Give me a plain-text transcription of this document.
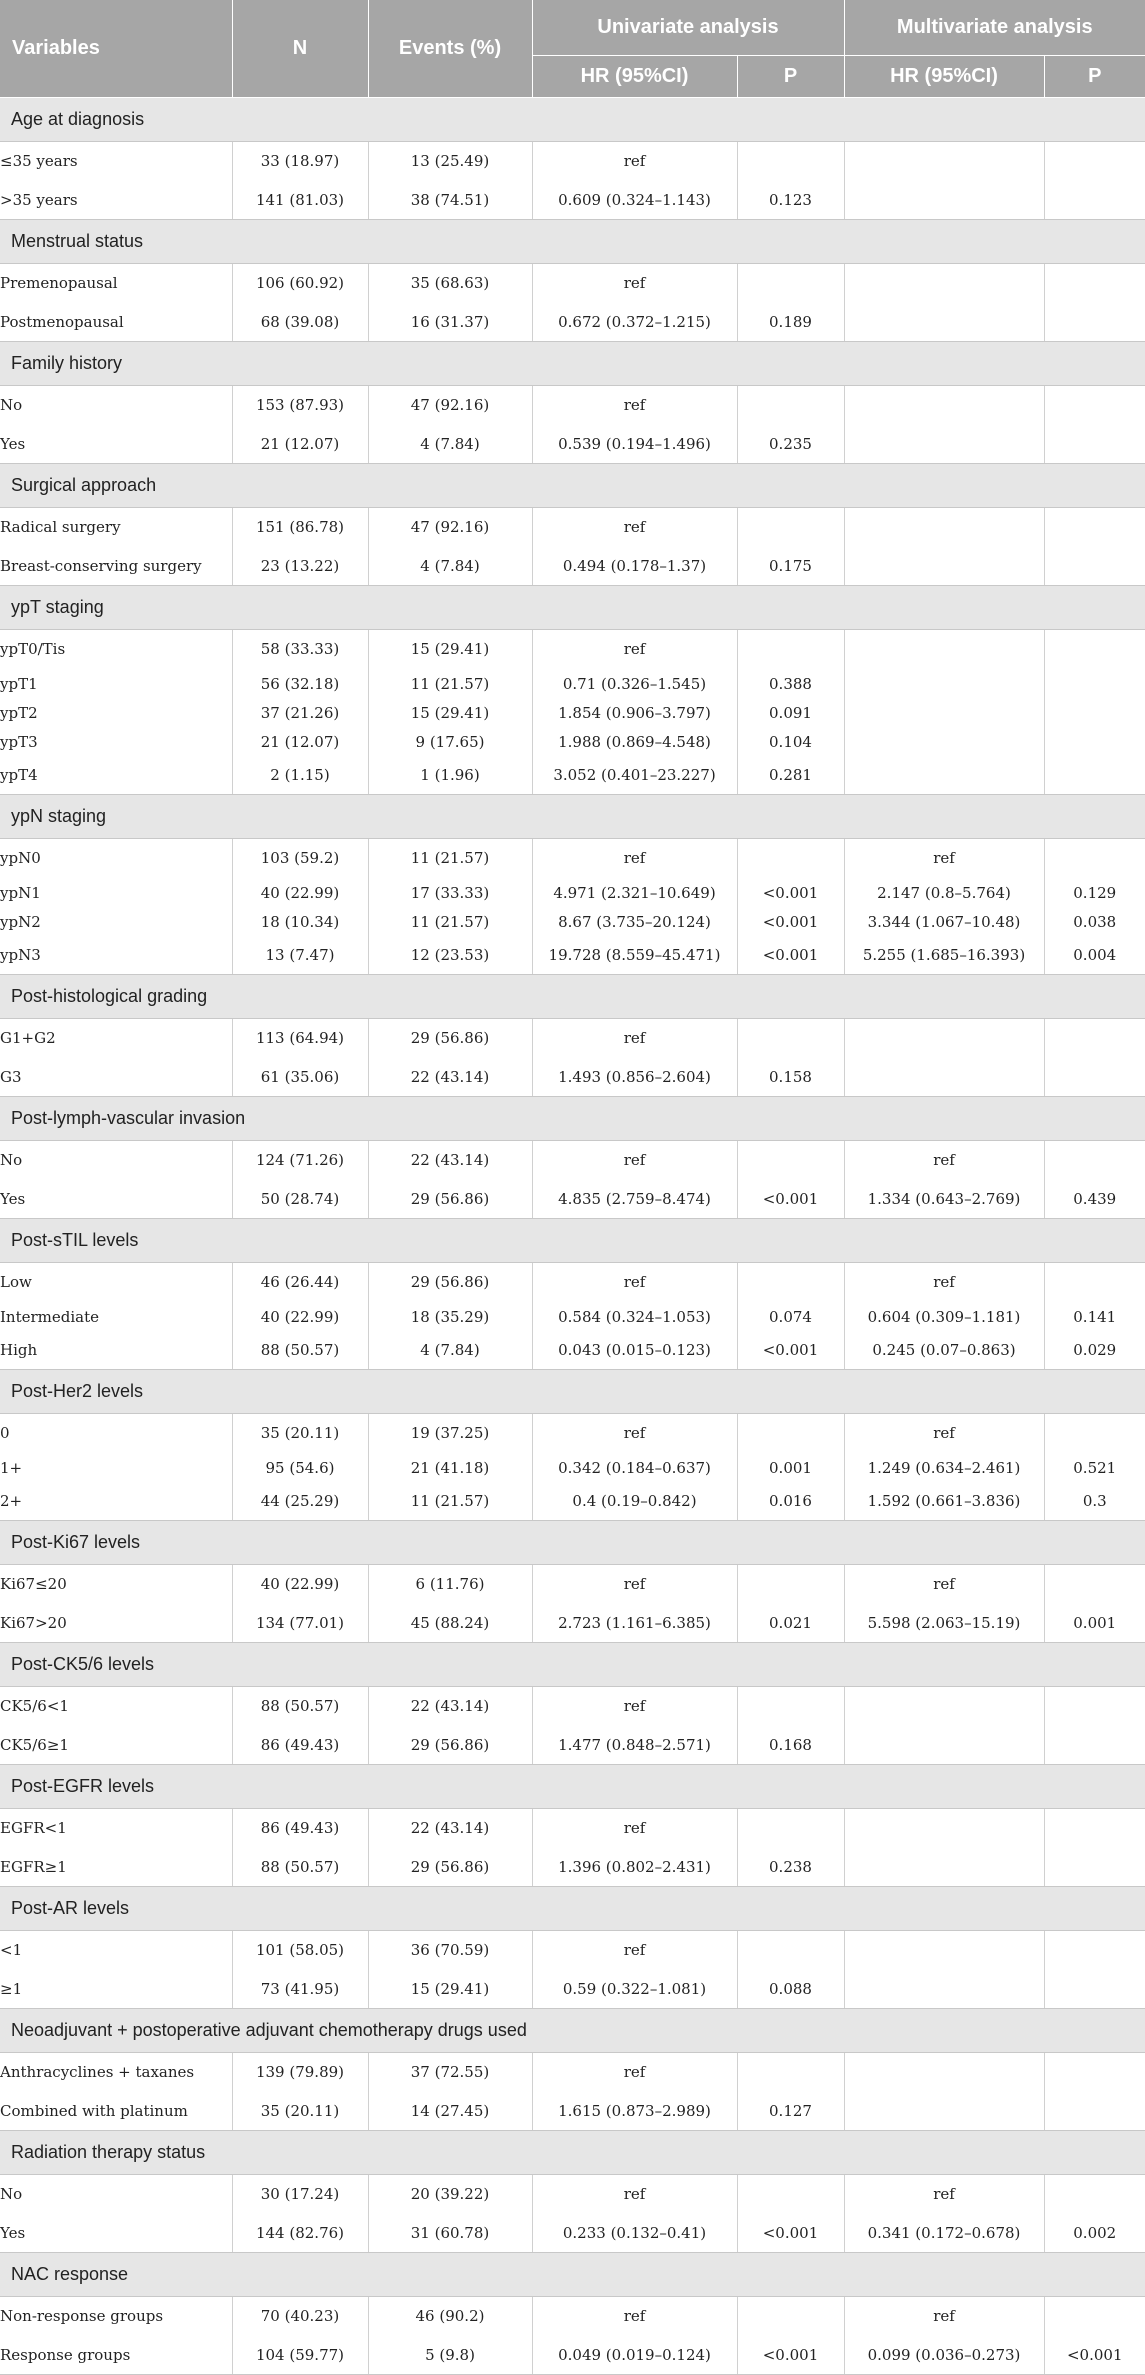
Variables	N	Events (%)	Univariate analysis		Multivariate analysis	
			HR (95%CI)	P	HR (95%CI)	P
Age at diagnosis						
≤35 years	33 (18.97)	13 (25.49)	ref			
>35 years	141 (81.03)	38 (74.51)	0.609 (0.324–1.143)	0.123		
Menstrual status						
Premenopausal	106 (60.92)	35 (68.63)	ref			
Postmenopausal	68 (39.08)	16 (31.37)	0.672 (0.372–1.215)	0.189		
Family history						
No	153 (87.93)	47 (92.16)	ref			
Yes	21 (12.07)	4 (7.84)	0.539 (0.194–1.496)	0.235		
Surgical approach						
Radical surgery	151 (86.78)	47 (92.16)	ref			
Breast-conserving surgery	23 (13.22)	4 (7.84)	0.494 (0.178–1.37)	0.175		
ypT staging						
ypT0/Tis	58 (33.33)	15 (29.41)	ref			
ypT1	56 (32.18)	11 (21.57)	0.71 (0.326–1.545)	0.388		
ypT2	37 (21.26)	15 (29.41)	1.854 (0.906–3.797)	0.091		
ypT3	21 (12.07)	9 (17.65)	1.988 (0.869–4.548)	0.104		
ypT4	2 (1.15)	1 (1.96)	3.052 (0.401–23.227)	0.281		
ypN staging						
ypN0	103 (59.2)	11 (21.57)	ref		ref	
ypN1	40 (22.99)	17 (33.33)	4.971 (2.321–10.649)	<0.001	2.147 (0.8–5.764)	0.129
ypN2	18 (10.34)	11 (21.57)	8.67 (3.735–20.124)	<0.001	3.344 (1.067–10.48)	0.038
ypN3	13 (7.47)	12 (23.53)	19.728 (8.559–45.471)	<0.001	5.255 (1.685–16.393)	0.004
Post-histological grading						
G1+G2	113 (64.94)	29 (56.86)	ref			
G3	61 (35.06)	22 (43.14)	1.493 (0.856–2.604)	0.158		
Post-lymph-vascular invasion						
No	124 (71.26)	22 (43.14)	ref		ref	
Yes	50 (28.74)	29 (56.86)	4.835 (2.759–8.474)	<0.001	1.334 (0.643–2.769)	0.439
Post-sTIL levels						
Low	46 (26.44)	29 (56.86)	ref		ref	
Intermediate	40 (22.99)	18 (35.29)	0.584 (0.324–1.053)	0.074	0.604 (0.309–1.181)	0.141
High	88 (50.57)	4 (7.84)	0.043 (0.015–0.123)	<0.001	0.245 (0.07–0.863)	0.029
Post-Her2 levels						
0	35 (20.11)	19 (37.25)	ref		ref	
1+	95 (54.6)	21 (41.18)	0.342 (0.184–0.637)	0.001	1.249 (0.634–2.461)	0.521
2+	44 (25.29)	11 (21.57)	0.4 (0.19–0.842)	0.016	1.592 (0.661–3.836)	0.3
Post-Ki67 levels						
Ki67≤20	40 (22.99)	6 (11.76)	ref		ref	
Ki67>20	134 (77.01)	45 (88.24)	2.723 (1.161–6.385)	0.021	5.598 (2.063–15.19)	0.001
Post-CK5/6 levels						
CK5/6<1	88 (50.57)	22 (43.14)	ref			
CK5/6≥1	86 (49.43)	29 (56.86)	1.477 (0.848–2.571)	0.168		
Post-EGFR levels						
EGFR<1	86 (49.43)	22 (43.14)	ref			
EGFR≥1	88 (50.57)	29 (56.86)	1.396 (0.802–2.431)	0.238		
Post-AR levels						
<1	101 (58.05)	36 (70.59)	ref			
≥1	73 (41.95)	15 (29.41)	0.59 (0.322–1.081)	0.088		
Neoadjuvant + postoperative adjuvant chemotherapy drugs used						
Anthracyclines + taxanes	139 (79.89)	37 (72.55)	ref			
Combined with platinum	35 (20.11)	14 (27.45)	1.615 (0.873–2.989)	0.127		
Radiation therapy status						
No	30 (17.24)	20 (39.22)	ref		ref	
Yes	144 (82.76)	31 (60.78)	0.233 (0.132–0.41)	<0.001	0.341 (0.172–0.678)	0.002
NAC response						
Non-response groups	70 (40.23)	46 (90.2)	ref		ref	
Response groups	104 (59.77)	5 (9.8)	0.049 (0.019–0.124)	<0.001	0.099 (0.036–0.273)	<0.001
